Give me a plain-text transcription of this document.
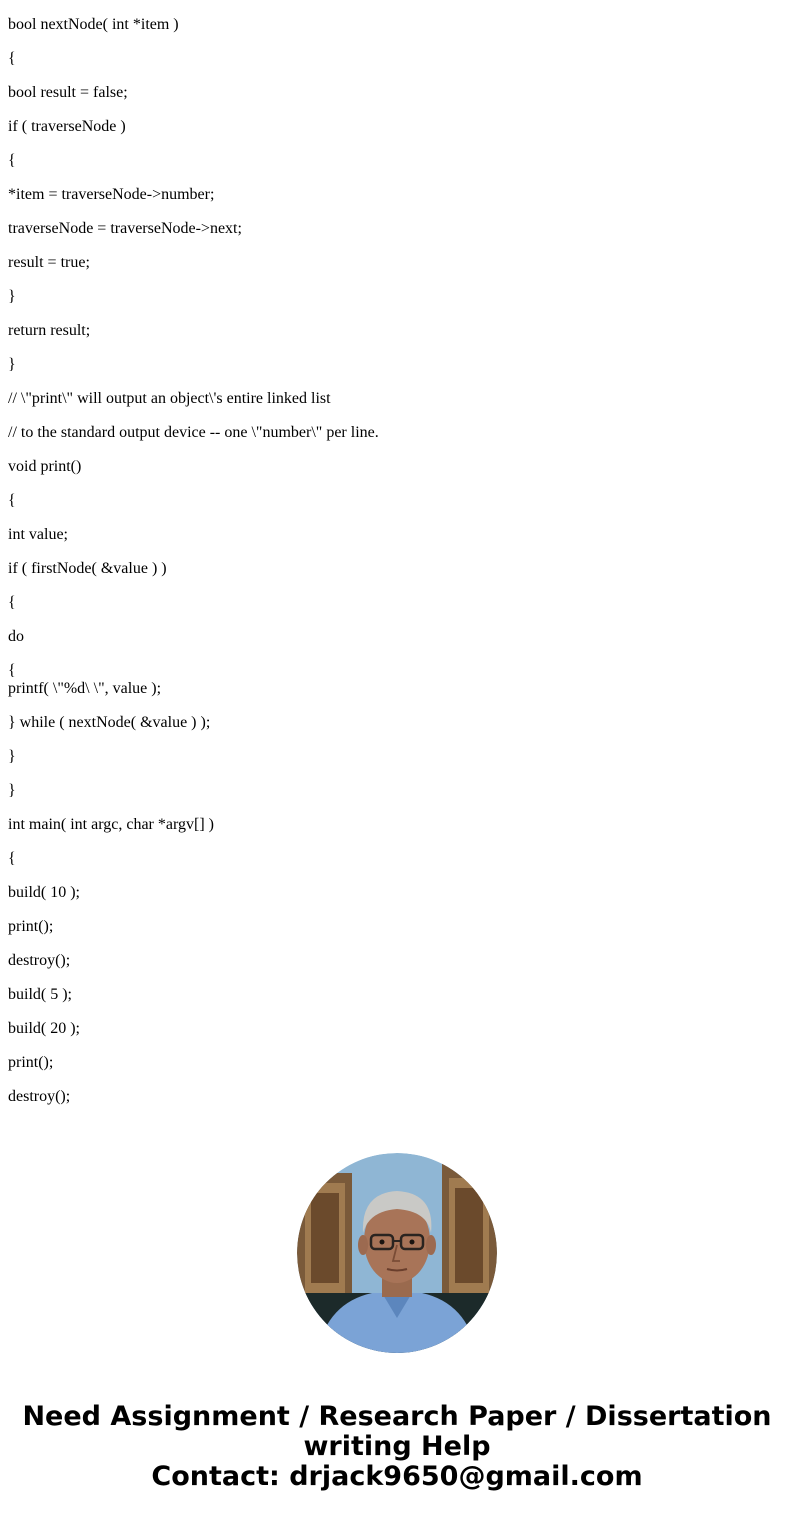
bool nextNode( int *item )
{
bool result = false;
if ( traverseNode )
{
*item = traverseNode->number;
traverseNode = traverseNode->next;
result = true;
}
return result;
}
// \"print\" will output an object\'s entire linked list
// to the standard output device -- one \"number\" per line.
void print()
{
int value;
if ( firstNode( &value ) )
{
do
{
printf( \"%d\ \", value );
} while ( nextNode( &value ) );
}
}
int main( int argc, char *argv[] )
{
build( 10 );
print();
destroy();
build( 5 );
build( 20 );
print();
destroy();
Need Assignment / Research Paper / Dissertation
writing Help
Contact: drjack9650@gmail.com
